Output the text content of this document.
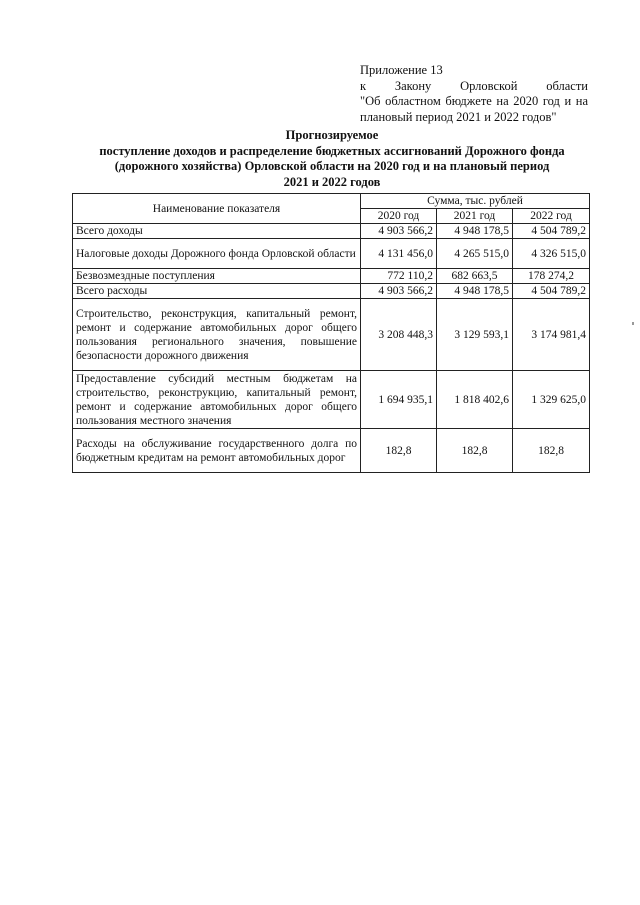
Приложение 13
к Закону Орловской области
"Об областном бюджете на 2020 год и на
плановый период 2021 и 2022 годов"
Прогнозируемое
поступление доходов и распределение бюджетных ассигнований Дорожного фонда
(дорожного хозяйства) Орловской области на 2020 год и на плановый период
2021 и 2022 годов
Наименование показателя	Сумма, тыс. рублей		
	2020 год	2021 год	2022 год
Всего доходы	4 903 566,2	4 948 178,5	4 504 789,2
Налоговые доходы Дорожного фонда Орловской области	4 131 456,0	4 265 515,0	4 326 515,0
Безвозмездные поступления	772 110,2	682 663,5	178 274,2
Всего расходы	4 903 566,2	4 948 178,5	4 504 789,2
Строительство, реконструкция, капитальный ремонт, ремонт и содержание автомобильных дорог общего пользования регионального значения, повышение безопасности дорожного движения	3 208 448,3	3 129 593,1	3 174 981,4
Предоставление субсидий местным бюджетам на строительство, реконструкцию, капитальный ремонт, ремонт и содержание автомобильных дорог общего пользования местного значения	1 694 935,1	1 818 402,6	1 329 625,0
Расходы на обслуживание государственного долга по бюджетным кредитам на ремонт автомобильных дорог	182,8	182,8	182,8
